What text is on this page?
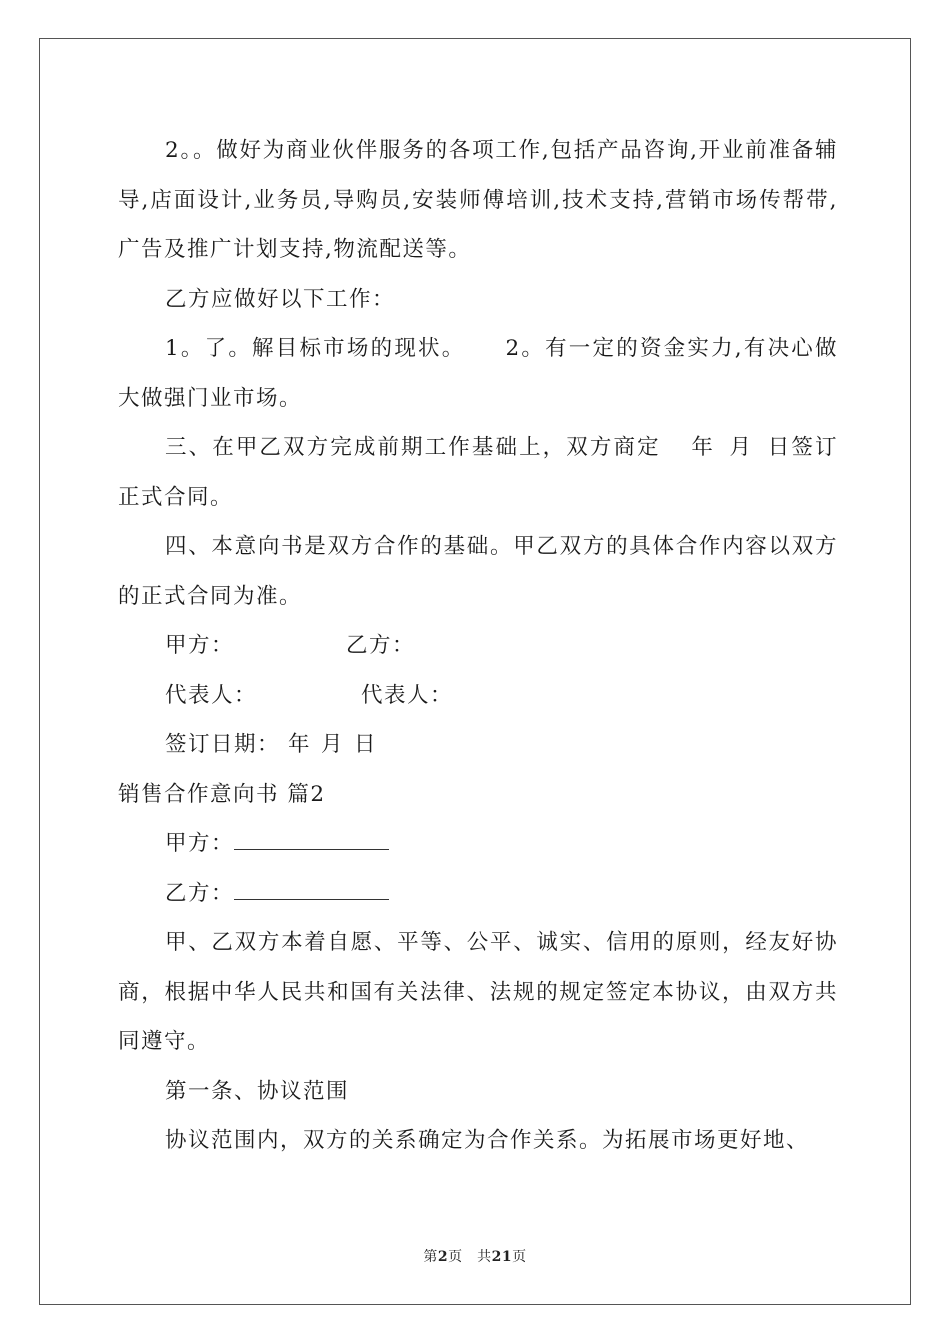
2。。做好为商业伙伴服务的各项工作,包括产品咨询,开业前准备辅导,店面设计,业务员,导购员,安装师傅培训,技术支持,营销市场传帮带,广告及推广计划支持,物流配送等。

乙方应做好以下工作：

1。了。解目标市场的现状。 2。有一定的资金实力,有决心做大做强门业市场。

三、在甲乙双方完成前期工作基础上，双方商定 年 月 日签订正式合同。

四、本意向书是双方合作的基础。甲乙双方的具体合作内容以双方的正式合同为准。

甲方：	乙方：

代表人：	代表人：

签订日期： 年 月 日

销售合作意向书 篇2

甲方：

乙方：

甲、乙双方本着自愿、平等、公平、诚实、信用的原则，经友好协商，根据中华人民共和国有关法律、法规的规定签定本协议，由双方共同遵守。

第一条、协议范围

协议范围内，双方的关系确定为合作关系。为拓展市场更好地、

第2页　共21页
